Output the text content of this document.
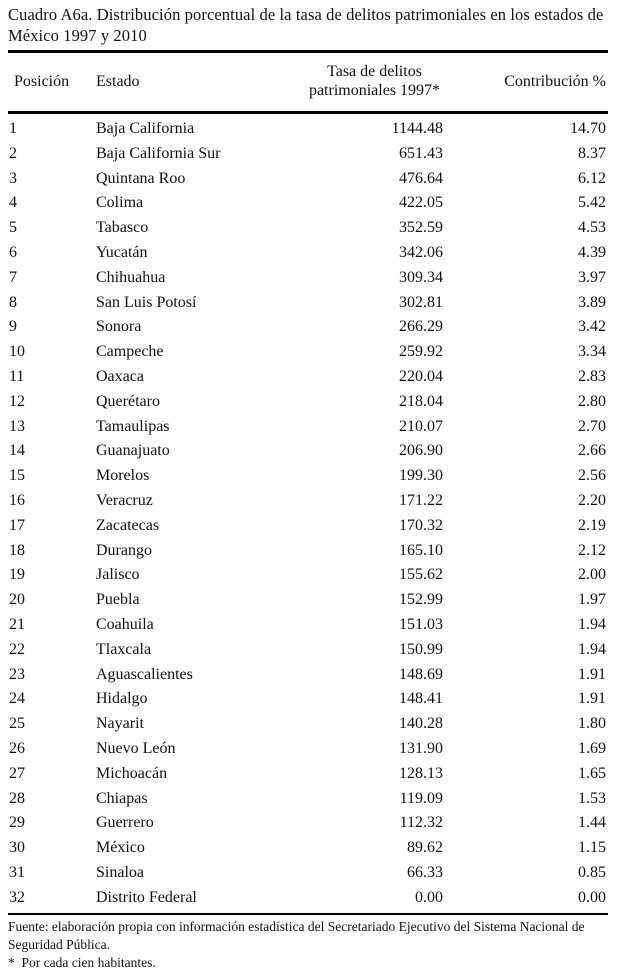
Cuadro A6a. Distribución porcentual de la tasa de delitos patrimoniales en los estados de México 1997 y 2010
Posición	Estado	Tasa de delitos patrimoniales 1997*	Contribución %
1	Baja California	1144.48	14.70
2	Baja California Sur	651.43	8.37
3	Quintana Roo	476.64	6.12
4	Colima	422.05	5.42
5	Tabasco	352.59	4.53
6	Yucatán	342.06	4.39
7	Chihuahua	309.34	3.97
8	San Luis Potosí	302.81	3.89
9	Sonora	266.29	3.42
10	Campeche	259.92	3.34
11	Oaxaca	220.04	2.83
12	Querétaro	218.04	2.80
13	Tamaulipas	210.07	2.70
14	Guanajuato	206.90	2.66
15	Morelos	199.30	2.56
16	Veracruz	171.22	2.20
17	Zacatecas	170.32	2.19
18	Durango	165.10	2.12
19	Jalisco	155.62	2.00
20	Puebla	152.99	1.97
21	Coahuila	151.03	1.94
22	Tlaxcala	150.99	1.94
23	Aguascalientes	148.69	1.91
24	Hidalgo	148.41	1.91
25	Nayarit	140.28	1.80
26	Nuevo León	131.90	1.69
27	Michoacán	128.13	1.65
28	Chiapas	119.09	1.53
29	Guerrero	112.32	1.44
30	México	89.62	1.15
31	Sinaloa	66.33	0.85
32	Distrito Federal	0.00	0.00
Fuente: elaboración propia con información estadística del Secretariado Ejecutivo del Sistema Nacional de Seguridad Pública.
*  Por cada cien habitantes.
